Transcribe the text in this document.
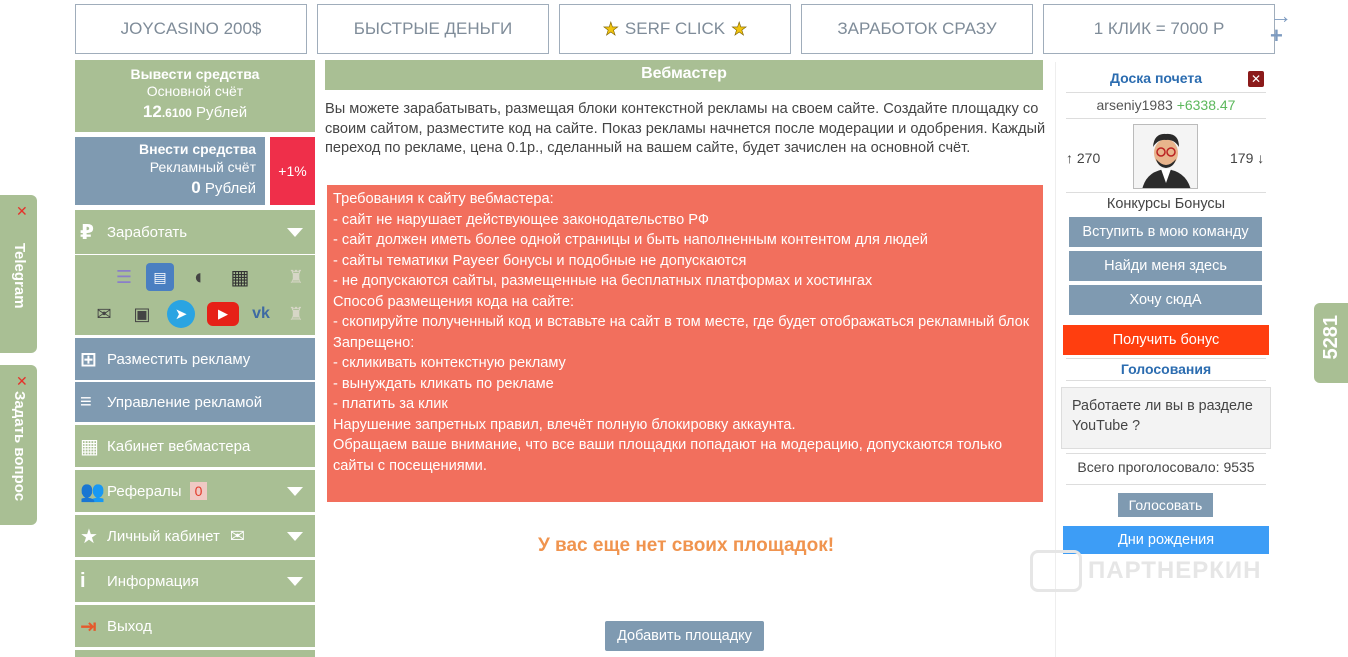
JOYCASINO 200$	БЫСТРЫЕ ДЕНЬГИ	★ SERF CLICK ★	ЗАРАБОТОК СРАЗУ	1 КЛИК = 7000 Р
→
+
Вывести средства
Основной счёт
12.6100 Рублей
Внести средства
Рекламный счёт
0 Рублей
+1%
₽ Заработать
☰	▤	◖	▦	♜
✉	▣	➤	▶	vk	♜
⊞ Разместить рекламу
≡ Управление рекламой
▦ Кабинет вебмастера
👥 Рефералы 0
★ Личный кабинет ✉
i Информация
⇥ Выход
Вебмастер
Вы можете зарабатывать, размещая блоки контекстной рекламы на своем сайте. Создайте площадку со своим сайтом, разместите код на сайте. Показ рекламы начнется после модерации и одобрения. Каждый переход по рекламе, цена 0.1р., сделанный на вашем сайте, будет зачислен на основной счёт.
Требования к сайту вебмастера:
- сайт не нарушает действующее законодательство РФ
- сайт должен иметь более одной страницы и быть наполненным контентом для людей
- сайты тематики Payeer бонусы и подобные не допускаются
- не допускаются сайты, размещенные на бесплатных платформах и хостингах
Способ размещения кода на сайте:
- скопируйте полученный код и вставьте на сайт в том месте, где будет отображаться рекламный блок
Запрещено:
- скликивать контекстную рекламу
- вынуждать кликать по рекламе
- платить за клик
Нарушение запретных правил, влечёт полную блокировку аккаунта.
Обращаем ваше внимание, что все ваши площадки попадают на модерацию, допускаются только сайты с посещениями.
У вас еще нет своих площадок!
Добавить площадку
Доска почета	✕
arseniy1983 +6338.47
↑ 270	179 ↓
Конкурсы Бонусы
Вступить в мою команду
Найди меня здесь
Хочу сюдА
Получить бонус
Голосования
Работаете ли вы в разделе YouTube ?
Всего проголосовало: 9535
Голосовать
Дни рождения
✕
Telegram
✕
Задать вопрос
5281
ПАРТНЕРКИН
